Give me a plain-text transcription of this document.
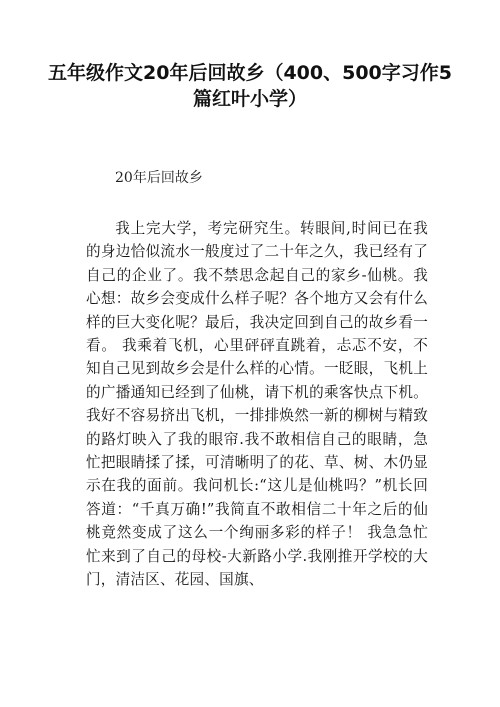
五年级作文20年后回故乡（400、500字习作5篇红叶小学）

20年后回故乡

我上完大学，考完研究生。转眼间,时间已在我的身边恰似流水一般度过了二十年之久，我已经有了自己的企业了。我不禁思念起自己的家乡-仙桃。我心想：故乡会变成什么样子呢？各个地方又会有什么样的巨大变化呢？最后，我决定回到自己的故乡看一看。 我乘着飞机，心里砰砰直跳着，忐忑不安，不知自己见到故乡会是什么样的心情。一眨眼，飞机上的广播通知已经到了仙桃，请下机的乘客快点下机。 我好不容易挤出飞机，一排排焕然一新的柳树与精致的路灯映入了我的眼帘.我不敢相信自己的眼睛，急忙把眼睛揉了揉，可清晰明了的花、草、树、木仍显示在我的面前。我问机长:“这儿是仙桃吗？”机长回答道：“千真万确!”我简直不敢相信二十年之后的仙桃竟然变成了这么一个绚丽多彩的样子！ 我急急忙忙来到了自己的母校-大新路小学.我刚推开学校的大门，清洁区、花园、国旗、
